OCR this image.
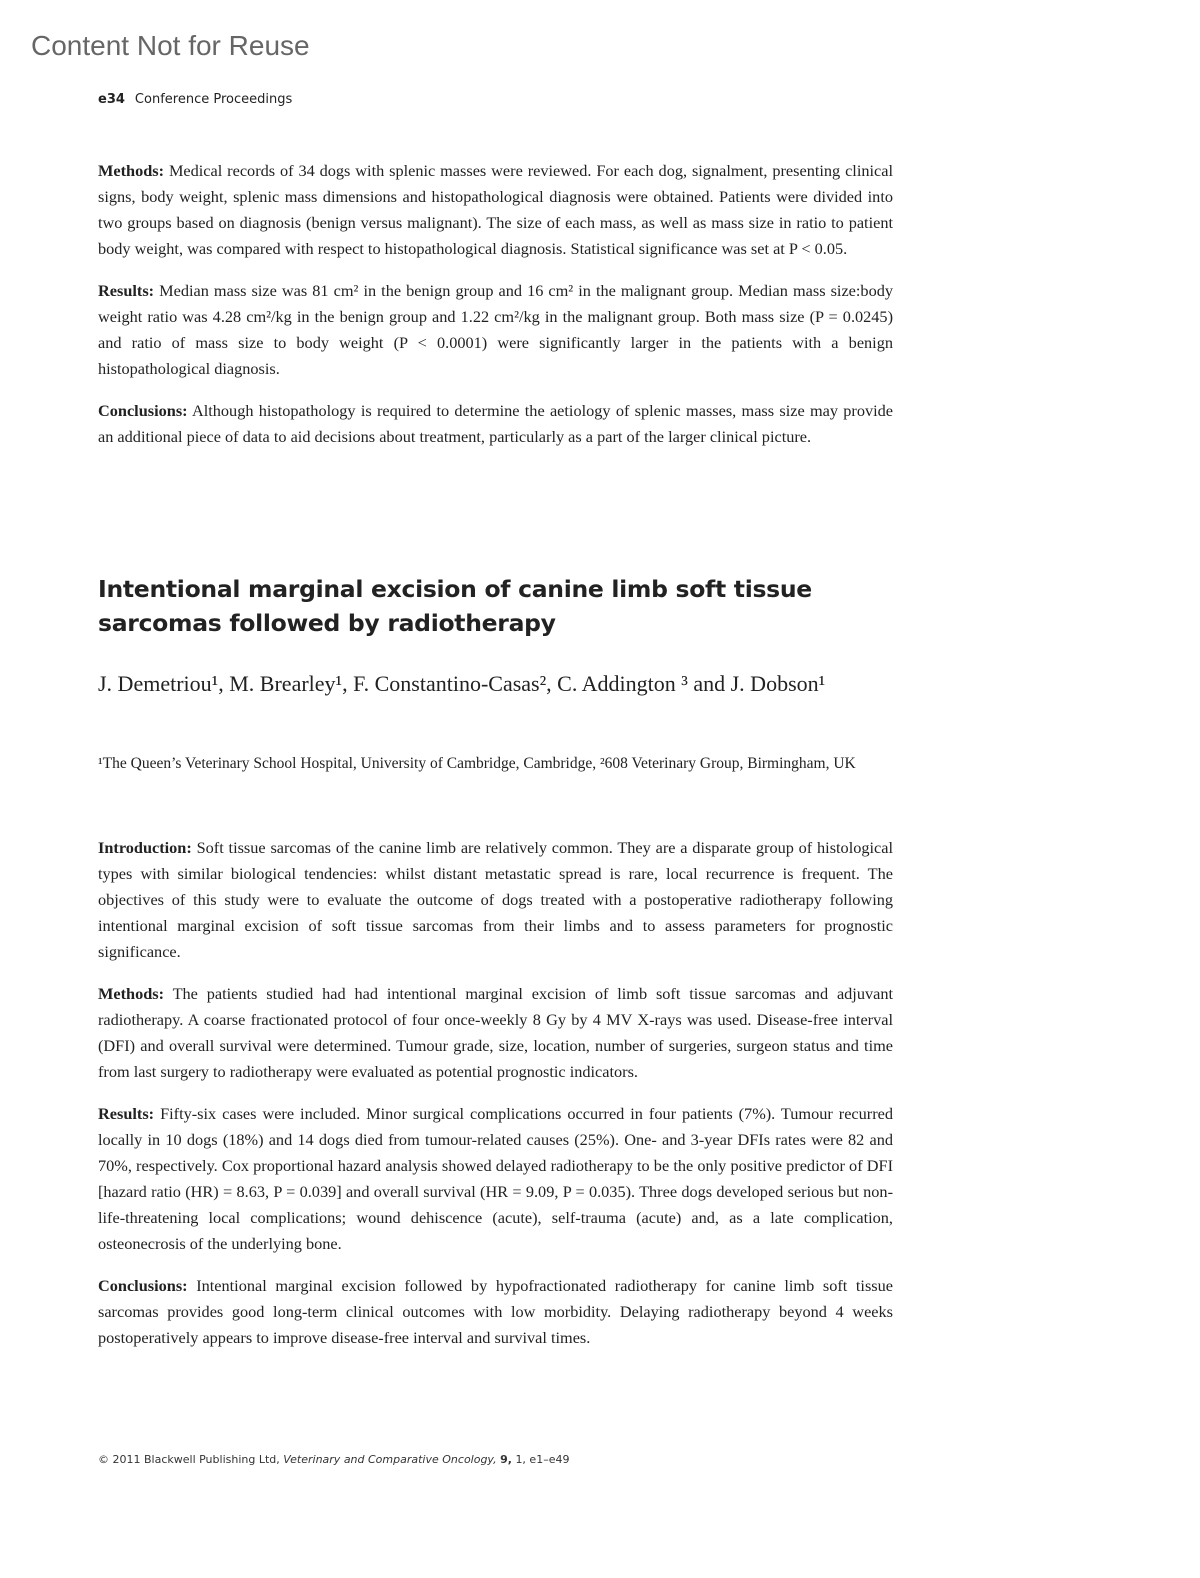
Content Not for Reuse
e34 Conference Proceedings

Methods: Medical records of 34 dogs with splenic masses were reviewed. For each dog, signalment, presenting clinical signs, body weight, splenic mass dimensions and histopathological diagnosis were obtained. Patients were divided into two groups based on diagnosis (benign versus malignant). The size of each mass, as well as mass size in ratio to patient body weight, was compared with respect to histopathological diagnosis. Statistical significance was set at P < 0.05.

Results: Median mass size was 81 cm² in the benign group and 16 cm² in the malignant group. Median mass size:body weight ratio was 4.28 cm²/kg in the benign group and 1.22 cm²/kg in the malignant group. Both mass size (P = 0.0245) and ratio of mass size to body weight (P < 0.0001) were significantly larger in the patients with a benign histopathological diagnosis.

Conclusions: Although histopathology is required to determine the aetiology of splenic masses, mass size may provide an additional piece of data to aid decisions about treatment, particularly as a part of the larger clinical picture.

Intentional marginal excision of canine limb soft tissue sarcomas followed by radiotherapy
J. Demetriou¹, M. Brearley¹, F. Constantino-Casas², C. Addington ³ and J. Dobson¹
¹The Queen’s Veterinary School Hospital, University of Cambridge, Cambridge, ²608 Veterinary Group, Birmingham, UK

Introduction: Soft tissue sarcomas of the canine limb are relatively common. They are a disparate group of histological types with similar biological tendencies: whilst distant metastatic spread is rare, local recurrence is frequent. The objectives of this study were to evaluate the outcome of dogs treated with a postoperative radiotherapy following intentional marginal excision of soft tissue sarcomas from their limbs and to assess parameters for prognostic significance.

Methods: The patients studied had had intentional marginal excision of limb soft tissue sarcomas and adjuvant radiotherapy. A coarse fractionated protocol of four once-weekly 8 Gy by 4 MV X-rays was used. Disease-free interval (DFI) and overall survival were determined. Tumour grade, size, location, number of surgeries, surgeon status and time from last surgery to radiotherapy were evaluated as potential prognostic indicators.

Results: Fifty-six cases were included. Minor surgical complications occurred in four patients (7%). Tumour recurred locally in 10 dogs (18%) and 14 dogs died from tumour-related causes (25%). One- and 3-year DFIs rates were 82 and 70%, respectively. Cox proportional hazard analysis showed delayed radiotherapy to be the only positive predictor of DFI [hazard ratio (HR) = 8.63, P = 0.039] and overall survival (HR = 9.09, P = 0.035). Three dogs developed serious but non-life-threatening local complications; wound dehiscence (acute), self-trauma (acute) and, as a late complication, osteonecrosis of the underlying bone.

Conclusions: Intentional marginal excision followed by hypofractionated radiotherapy for canine limb soft tissue sarcomas provides good long-term clinical outcomes with low morbidity. Delaying radiotherapy beyond 4 weeks postoperatively appears to improve disease-free interval and survival times.

© 2011 Blackwell Publishing Ltd, Veterinary and Comparative Oncology, 9, 1, e1–e49
